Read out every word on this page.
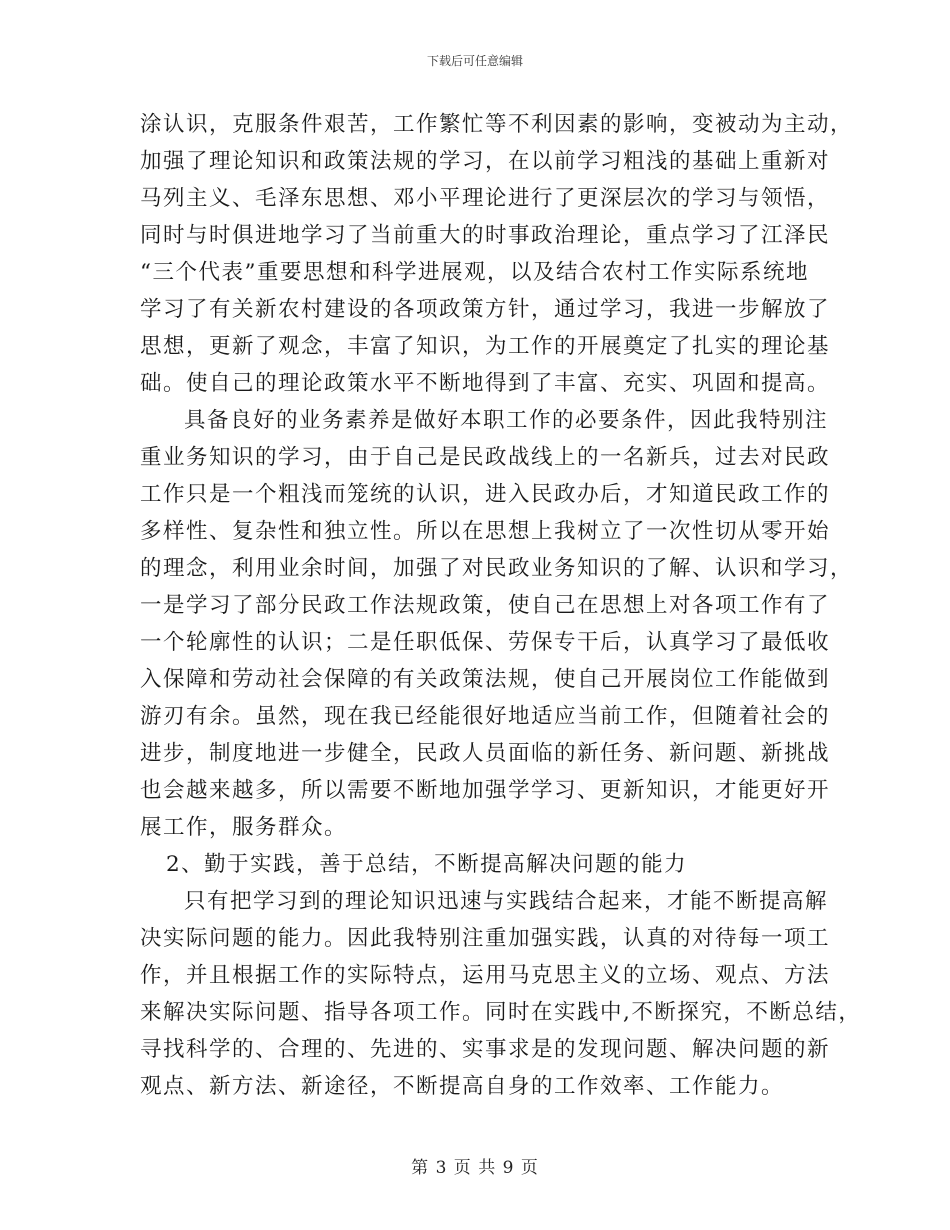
下载后可任意编辑
涂认识，克服条件艰苦，工作繁忙等不利因素的影响，变被动为主动，
加强了理论知识和政策法规的学习，在以前学习粗浅的基础上重新对
马列主义、毛泽东思想、邓小平理论进行了更深层次的学习与领悟，
同时与时俱进地学习了当前重大的时事政治理论，重点学习了江泽民
“三个代表”重要思想和科学进展观，以及结合农村工作实际系统地
学习了有关新农村建设的各项政策方针，通过学习，我进一步解放了
思想，更新了观念，丰富了知识，为工作的开展奠定了扎实的理论基
础。使自己的理论政策水平不断地得到了丰富、充实、巩固和提高。
具备良好的业务素养是做好本职工作的必要条件，因此我特别注
重业务知识的学习，由于自己是民政战线上的一名新兵，过去对民政
工作只是一个粗浅而笼统的认识，进入民政办后，才知道民政工作的
多样性、复杂性和独立性。所以在思想上我树立了一次性切从零开始
的理念，利用业余时间，加强了对民政业务知识的了解、认识和学习，
一是学习了部分民政工作法规政策，使自己在思想上对各项工作有了
一个轮廓性的认识；二是任职低保、劳保专干后，认真学习了最低收
入保障和劳动社会保障的有关政策法规，使自己开展岗位工作能做到
游刃有余。虽然，现在我已经能很好地适应当前工作，但随着社会的
进步，制度地进一步健全，民政人员面临的新任务、新问题、新挑战
也会越来越多，所以需要不断地加强学学习、更新知识，才能更好开
展工作，服务群众。
2、勤于实践，善于总结，不断提高解决问题的能力
只有把学习到的理论知识迅速与实践结合起来，才能不断提高解
决实际问题的能力。因此我特别注重加强实践，认真的对待每一项工
作，并且根据工作的实际特点，运用马克思主义的立场、观点、方法
来解决实际问题、指导各项工作。同时在实践中,不断探究，不断总结，
寻找科学的、合理的、先进的、实事求是的发现问题、解决问题的新
观点、新方法、新途径，不断提高自身的工作效率、工作能力。
第 3 页 共 9 页
